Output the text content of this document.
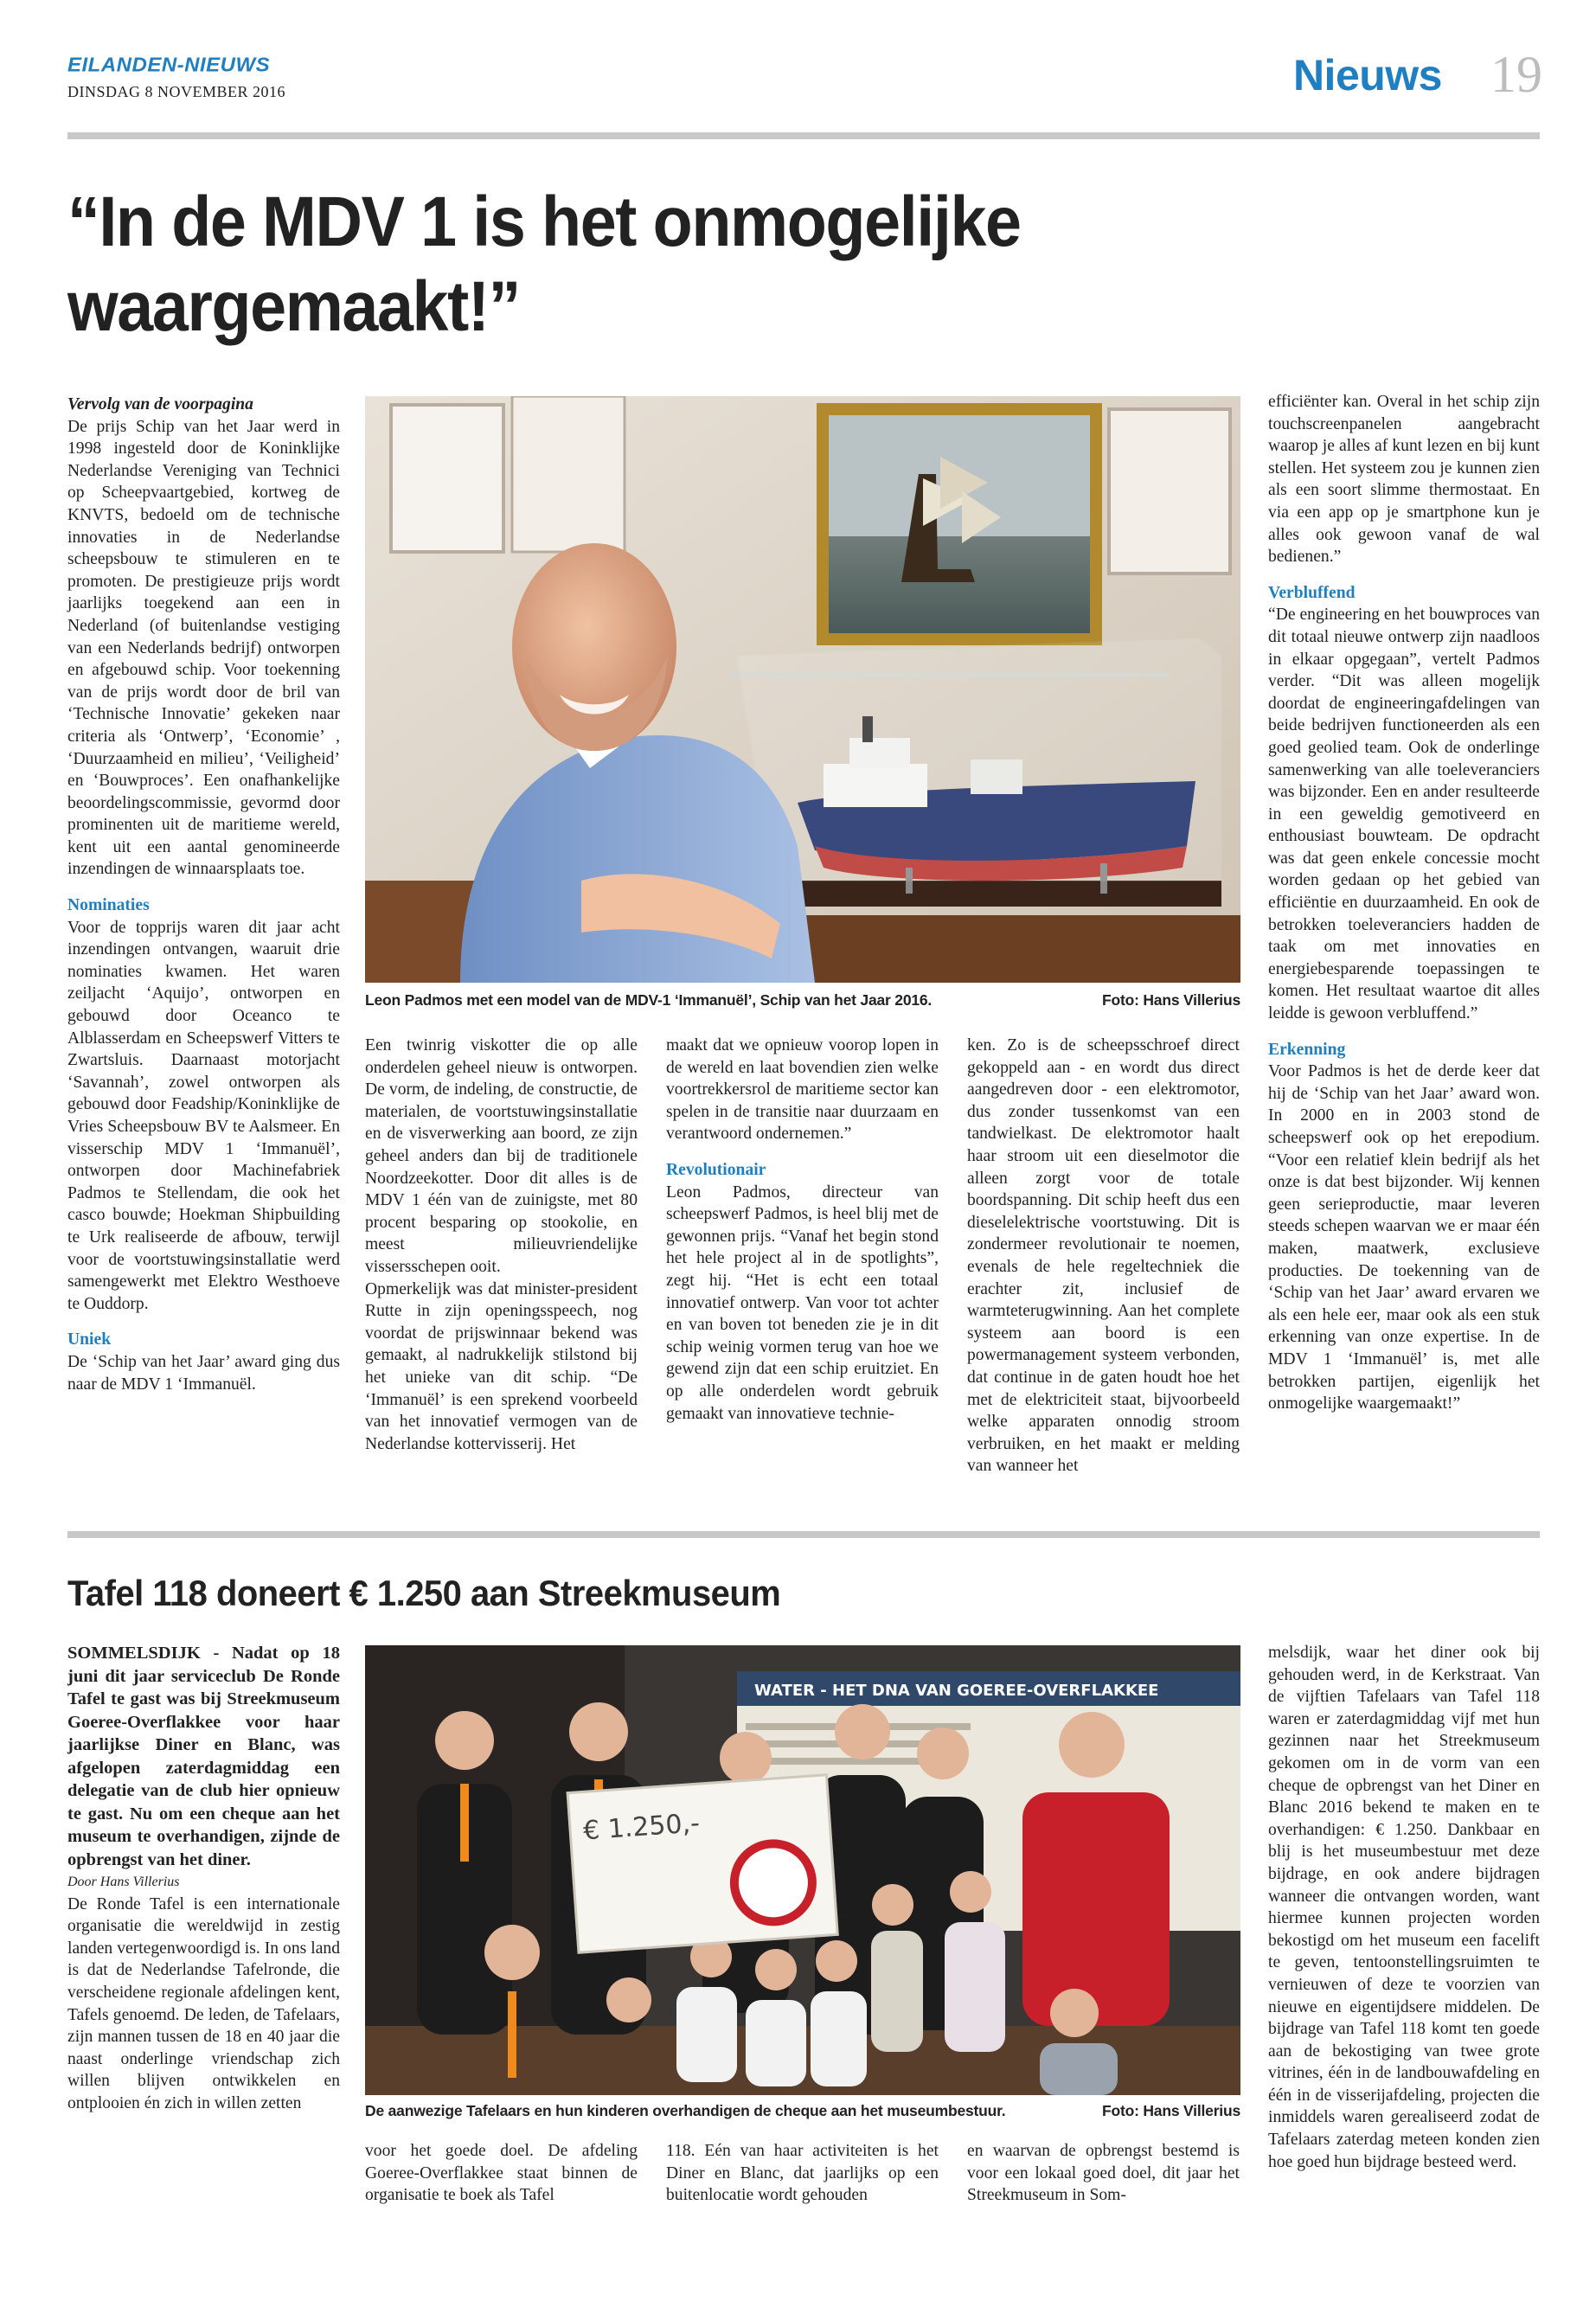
EILANDEN-NIEUWS
DINSDAG 8 NOVEMBER 2016	Nieuws 19
“In de MDV 1 is het onmogelijke waargemaakt!”

Vervolg van de voorpagina

De prijs Schip van het Jaar werd in 1998 ingesteld door de Koninklijke Nederlandse Vereniging van Technici op Scheepvaartgebied, kortweg de KNVTS, bedoeld om de technische innovaties in de Nederlandse scheepsbouw te stimuleren en te promoten. De prestigieuze prijs wordt jaarlijks toegekend aan een in Nederland (of buitenlandse vestiging van een Nederlands bedrijf) ontworpen en afgebouwd schip. Voor toekenning van de prijs wordt door de bril van ‘Technische Innovatie’ gekeken naar criteria als ‘Ontwerp’, ‘Economie’ , ‘Duurzaamheid en milieu’, ‘Veiligheid’ en ‘Bouwproces’. Een onafhankelijke beoordelingscommissie, gevormd door prominenten uit de maritieme wereld, kent uit een aantal genomineerde inzendingen de winnaarsplaats toe.

Nominaties

Voor de topprijs waren dit jaar acht inzendingen ontvangen, waaruit drie nominaties kwamen. Het waren zeiljacht ‘Aquijo’, ontworpen en gebouwd door Oceanco te Alblasserdam en Scheepswerf Vitters te Zwartsluis. Daarnaast motorjacht ‘Savannah’, zowel ontworpen als gebouwd door Feadship/Koninklijke de Vries Scheepsbouw BV te Aalsmeer. En visserschip MDV 1 ‘Immanuël’, ontworpen door Machinefabriek Padmos te Stellendam, die ook het casco bouwde; Hoekman Shipbuilding te Urk realiseerde de afbouw, terwijl voor de voortstuwingsinstallatie werd samengewerkt met Elektro Westhoeve te Ouddorp.

Uniek

De ‘Schip van het Jaar’ award ging dus naar de MDV 1 ‘Immanuël.

Leon Padmos met een model van de MDV-1 ‘Immanuël’, Schip van het Jaar 2016.	Foto: Hans Villerius

Een twinrig viskotter die op alle onderdelen geheel nieuw is ontworpen. De vorm, de indeling, de constructie, de materialen, de voortstuwingsinstallatie en de visverwerking aan boord, ze zijn geheel anders dan bij de traditionele Noordzeekotter. Door dit alles is de MDV 1 één van de zuinigste, met 80 procent besparing op stookolie, en meest milieuvriendelijke vissersschepen ooit.

Opmerkelijk was dat minister-president Rutte in zijn openingsspeech, nog voordat de prijswinnaar bekend was gemaakt, al nadrukkelijk stilstond bij het unieke van dit schip. “De ‘Immanuël’ is een sprekend voorbeeld van het innovatief vermogen van de Nederlandse kottervisserij. Het

maakt dat we opnieuw voorop lopen in de wereld en laat bovendien zien welke voortrekkersrol de maritieme sector kan spelen in de transitie naar duurzaam en verantwoord ondernemen.”

Revolutionair

Leon Padmos, directeur van scheepswerf Padmos, is heel blij met de gewonnen prijs. “Vanaf het begin stond het hele project al in de spotlights”, zegt hij. “Het is echt een totaal innovatief ontwerp. Van voor tot achter en van boven tot beneden zie je in dit schip weinig vormen terug van hoe we gewend zijn dat een schip eruitziet. En op alle onderdelen wordt gebruik gemaakt van innovatieve technie-

ken. Zo is de scheepsschroef direct gekoppeld aan - en wordt dus direct aangedreven door - een elektromotor, dus zonder tussenkomst van een tandwielkast. De elektromotor haalt haar stroom uit een dieselmotor die alleen zorgt voor de totale boordspanning. Dit schip heeft dus een dieselelektrische voortstuwing. Dit is zondermeer revolutionair te noemen, evenals de hele regeltechniek die erachter zit, inclusief de warmteterugwinning. Aan het complete systeem aan boord is een powermanagement systeem verbonden, dat continue in de gaten houdt hoe het met de elektriciteit staat, bijvoorbeeld welke apparaten onnodig stroom verbruiken, en het maakt er melding van wanneer het

efficiënter kan. Overal in het schip zijn touchscreenpanelen aangebracht waarop je alles af kunt lezen en bij kunt stellen. Het systeem zou je kunnen zien als een soort slimme thermostaat. En via een app op je smartphone kun je alles ook gewoon vanaf de wal bedienen.”

Verbluffend

“De engineering en het bouwproces van dit totaal nieuwe ontwerp zijn naadloos in elkaar opgegaan”, vertelt Padmos verder. “Dit was alleen mogelijk doordat de engineeringafdelingen van beide bedrijven functioneerden als een goed geolied team. Ook de onderlinge samenwerking van alle toeleveranciers was bijzonder. Een en ander resulteerde in een geweldig gemotiveerd en enthousiast bouwteam. De opdracht was dat geen enkele concessie mocht worden gedaan op het gebied van efficiëntie en duurzaamheid. En ook de betrokken toeleveranciers hadden de taak om met innovaties en energiebesparende toepassingen te komen. Het resultaat waartoe dit alles leidde is gewoon verbluffend.”

Erkenning

Voor Padmos is het de derde keer dat hij de ‘Schip van het Jaar’ award won. In 2000 en in 2003 stond de scheepswerf ook op het erepodium. “Voor een relatief klein bedrijf als het onze is dat best bijzonder. Wij kennen geen serieproductie, maar leveren steeds schepen waarvan we er maar één maken, maatwerk, exclusieve producties. De toekenning van de ‘Schip van het Jaar’ award ervaren we als een hele eer, maar ook als een stuk erkenning van onze expertise. In de MDV 1 ‘Immanuël’ is, met alle betrokken partijen, eigenlijk het onmogelijke waargemaakt!”

Tafel 118 doneert € 1.250 aan Streekmuseum

SOMMELSDIJK - Nadat op 18 juni dit jaar serviceclub De Ronde Tafel te gast was bij Streekmuseum Goeree-Overflakkee voor haar jaarlijkse Diner en Blanc, was afgelopen zaterdagmiddag een delegatie van de club hier opnieuw te gast. Nu om een cheque aan het museum te overhandigen, zijnde de opbrengst van het diner.

Door Hans Villerius

De Ronde Tafel is een internationale organisatie die wereldwijd in zestig landen vertegenwoordigd is. In ons land is dat de Nederlandse Tafelronde, die verscheidene regionale afdelingen kent, Tafels genoemd. De leden, de Tafelaars, zijn mannen tussen de 18 en 40 jaar die naast onderlinge vriendschap zich willen blijven ontwikkelen en ontplooien én zich in willen zetten

WATER - HET DNA VAN GOEREE-OVERFLAKKEE
€ 1.250,-
De aanwezige Tafelaars en hun kinderen overhandigen de cheque aan het museumbestuur.	Foto: Hans Villerius

voor het goede doel. De afdeling Goeree-Overflakkee staat binnen de organisatie te boek als Tafel

118. Eén van haar activiteiten is het Diner en Blanc, dat jaarlijks op een buitenlocatie wordt gehouden

en waarvan de opbrengst bestemd is voor een lokaal goed doel, dit jaar het Streekmuseum in Som-

melsdijk, waar het diner ook bij gehouden werd, in de Kerkstraat. Van de vijftien Tafelaars van Tafel 118 waren er zaterdagmiddag vijf met hun gezinnen naar het Streekmuseum gekomen om in de vorm van een cheque de opbrengst van het Diner en Blanc 2016 bekend te maken en te overhandigen: € 1.250. Dankbaar en blij is het museumbestuur met deze bijdrage, en ook andere bijdragen wanneer die ontvangen worden, want hiermee kunnen projecten worden bekostigd om het museum een facelift te geven, tentoonstellingsruimten te vernieuwen of deze te voorzien van nieuwe en eigentijdsere middelen. De bijdrage van Tafel 118 komt ten goede aan de bekostiging van twee grote vitrines, één in de landbouwafdeling en één in de visserijafdeling, projecten die inmiddels waren gerealiseerd zodat de Tafelaars zaterdag meteen konden zien hoe goed hun bijdrage besteed werd.
